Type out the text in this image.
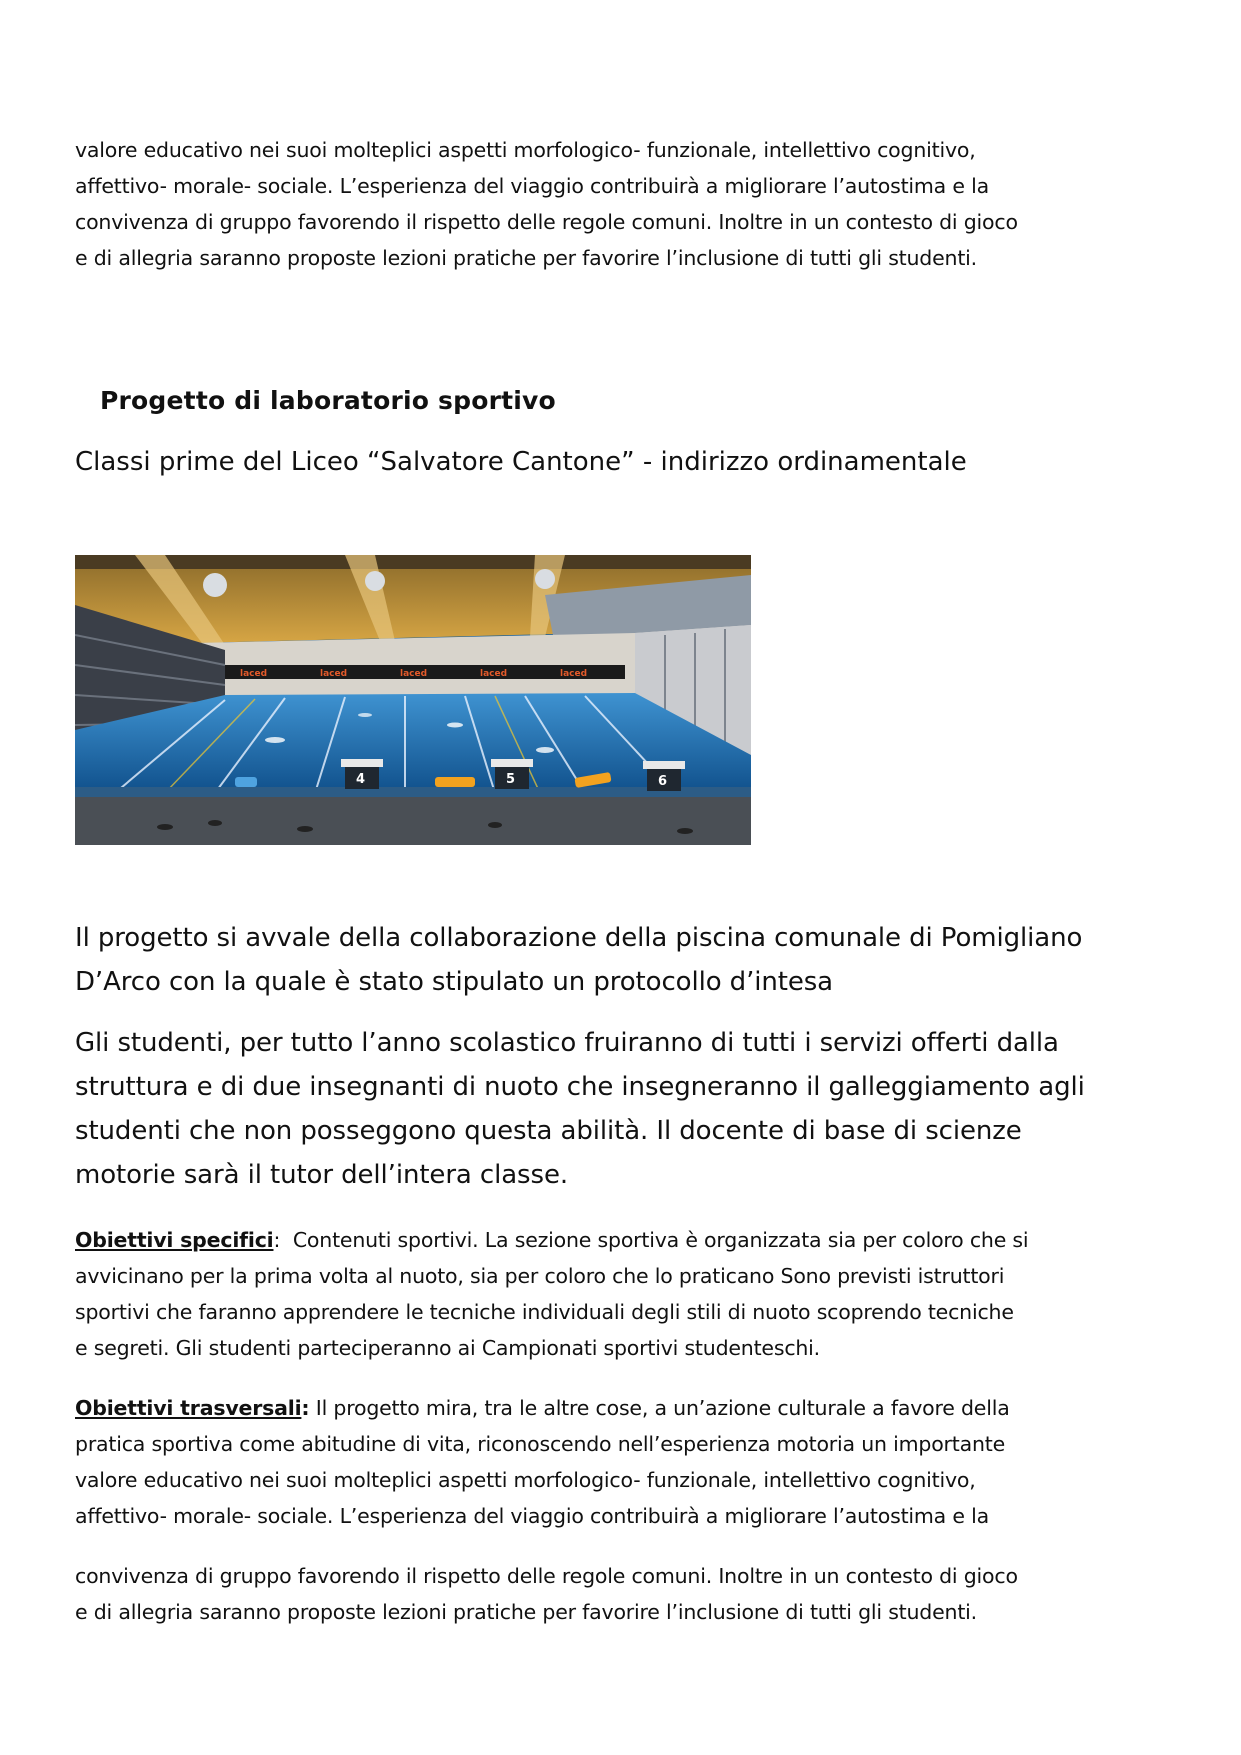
valore educativo nei suoi molteplici aspetti morfologico- funzionale, intellettivo cognitivo,
affettivo- morale- sociale. L’esperienza del viaggio contribuirà a migliorare l’autostima e la
convivenza di gruppo favorendo il rispetto delle regole comuni. Inoltre in un contesto di gioco
e di allegria saranno proposte lezioni pratiche per favorire l’inclusione di tutti gli studenti.

Progetto di laboratorio sportivo

Classi prime del Liceo “Salvatore Cantone” - indirizzo ordinamentale

laced	laced	laced	laced	laced
4	5	6

Il progetto si avvale della collaborazione della piscina comunale di Pomigliano
D’Arco con la quale è stato stipulato un protocollo d’intesa

Gli studenti, per tutto l’anno scolastico fruiranno di tutti i servizi offerti dalla
struttura e di due insegnanti di nuoto che insegneranno il galleggiamento agli
studenti che non posseggono questa abilità. Il docente di base di scienze
motorie sarà il tutor dell’intera classe.

Obiettivi specifici:  Contenuti sportivi. La sezione sportiva è organizzata sia per coloro che si
avvicinano per la prima volta al nuoto, sia per coloro che lo praticano Sono previsti istruttori
sportivi che faranno apprendere le tecniche individuali degli stili di nuoto scoprendo tecniche
e segreti. Gli studenti parteciperanno ai Campionati sportivi studenteschi.

Obiettivi trasversali: Il progetto mira, tra le altre cose, a un’azione culturale a favore della
pratica sportiva come abitudine di vita, riconoscendo nell’esperienza motoria un importante
valore educativo nei suoi molteplici aspetti morfologico- funzionale, intellettivo cognitivo,
affettivo- morale- sociale. L’esperienza del viaggio contribuirà a migliorare l’autostima e la

convivenza di gruppo favorendo il rispetto delle regole comuni. Inoltre in un contesto di gioco
e di allegria saranno proposte lezioni pratiche per favorire l’inclusione di tutti gli studenti.
